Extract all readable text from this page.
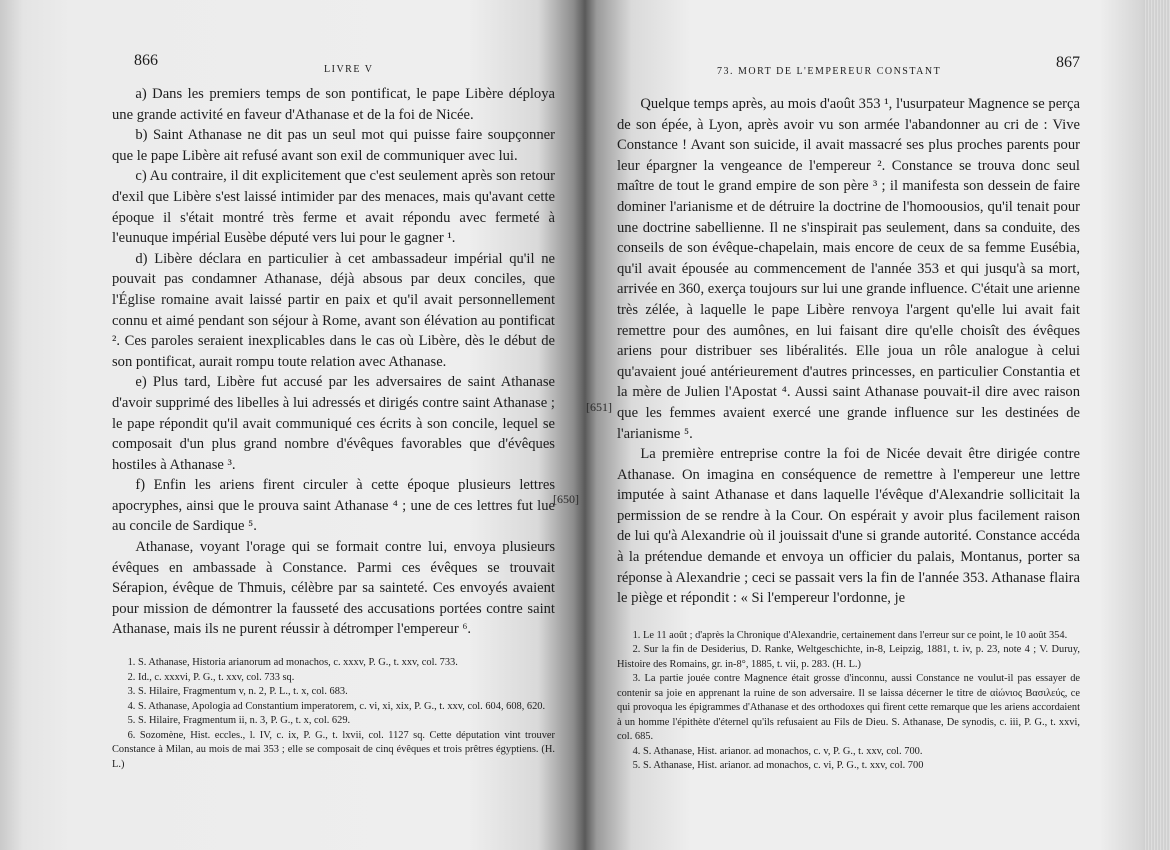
866
LIVRE V

a) Dans les premiers temps de son pontificat, le pape Libère déploya une grande activité en faveur d'Athanase et de la foi de Nicée.

b) Saint Athanase ne dit pas un seul mot qui puisse faire soupçonner que le pape Libère ait refusé avant son exil de communiquer avec lui.

c) Au contraire, il dit explicitement que c'est seulement après son retour d'exil que Libère s'est laissé intimider par des menaces, mais qu'avant cette époque il s'était montré très ferme et avait répondu avec fermeté à l'eunuque impérial Eusèbe député vers lui pour le gagner ¹.

d) Libère déclara en particulier à cet ambassadeur impérial qu'il ne pouvait pas condamner Athanase, déjà absous par deux conciles, que l'Église romaine avait laissé partir en paix et qu'il avait personnellement connu et aimé pendant son séjour à Rome, avant son élévation au pontificat ². Ces paroles seraient inexplicables dans le cas où Libère, dès le début de son pontificat, aurait rompu toute relation avec Athanase.

e) Plus tard, Libère fut accusé par les adversaires de saint Athanase d'avoir supprimé des libelles à lui adressés et dirigés contre saint Athanase ; le pape répondit qu'il avait communiqué ces écrits à son concile, lequel se composait d'un plus grand nombre d'évêques favorables que d'évêques hostiles à Athanase ³.

f) Enfin les ariens firent circuler à cette époque plusieurs lettres apocryphes, ainsi que le prouva saint Athanase ⁴ ; une de ces lettres fut lue au concile de Sardique ⁵.

Athanase, voyant l'orage qui se formait contre lui, envoya plusieurs évêques en ambassade à Constance. Parmi ces évêques se trouvait Sérapion, évêque de Thmuis, célèbre par sa sainteté. Ces envoyés avaient pour mission de démontrer la fausseté des accusations portées contre saint Athanase, mais ils ne purent réussir à détromper l'empereur ⁶.

[650]

1. S. Athanase, Historia arianorum ad monachos, c. xxxv, P. G., t. xxv, col. 733.

2. Id., c. xxxvi, P. G., t. xxv, col. 733 sq.

3. S. Hilaire, Fragmentum v, n. 2, P. L., t. x, col. 683.

4. S. Athanase, Apologia ad Constantium imperatorem, c. vi, xi, xix, P. G., t. xxv, col. 604, 608, 620.

5. S. Hilaire, Fragmentum ii, n. 3, P. G., t. x, col. 629.

6. Sozomène, Hist. eccles., l. IV, c. ix, P. G., t. lxvii, col. 1127 sq. Cette députation vint trouver Constance à Milan, au mois de mai 353 ; elle se composait de cinq évêques et trois prêtres égyptiens. (H. L.)

73. MORT DE L'EMPEREUR CONSTANT
867

Quelque temps après, au mois d'août 353 ¹, l'usurpateur Magnence se perça de son épée, à Lyon, après avoir vu son armée l'abandonner au cri de : Vive Constance ! Avant son suicide, il avait massacré ses plus proches parents pour leur épargner la vengeance de l'empereur ². Constance se trouva donc seul maître de tout le grand empire de son père ³ ; il manifesta son dessein de faire dominer l'arianisme et de détruire la doctrine de l'homoousios, qu'il tenait pour une doctrine sabellienne. Il ne s'inspirait pas seulement, dans sa conduite, des conseils de son évêque-chapelain, mais encore de ceux de sa femme Eusébia, qu'il avait épousée au commencement de l'année 353 et qui jusqu'à sa mort, arrivée en 360, exerça toujours sur lui une grande influence. C'était une arienne très zélée, à laquelle le pape Libère renvoya l'argent qu'elle lui avait fait remettre pour des aumônes, en lui faisant dire qu'elle choisît des évêques ariens pour distribuer ses libéralités. Elle joua un rôle analogue à celui qu'avaient joué antérieurement d'autres princesses, en particulier Constantia et la mère de Julien l'Apostat ⁴. Aussi saint Athanase pouvait-il dire avec raison que les femmes avaient exercé une grande influence sur les destinées de l'arianisme ⁵.

La première entreprise contre la foi de Nicée devait être dirigée contre Athanase. On imagina en conséquence de remettre à l'empereur une lettre imputée à saint Athanase et dans laquelle l'évêque d'Alexandrie sollicitait la permission de se rendre à la Cour. On espérait y avoir plus facilement raison de lui qu'à Alexandrie où il jouissait d'une si grande autorité. Constance accéda à la prétendue demande et envoya un officier du palais, Montanus, porter sa réponse à Alexandrie ; ceci se passait vers la fin de l'année 353. Athanase flaira le piège et répondit : « Si l'empereur l'ordonne, je

1. Le 11 août ; d'après la Chronique d'Alexandrie, certainement dans l'erreur sur ce point, le 10 août 354.

2. Sur la fin de Desiderius, D. Ranke, Weltgeschichte, in-8, Leipzig, 1881, t. iv, p. 23, note 4 ; V. Duruy, Histoire des Romains, gr. in-8°, 1885, t. vii, p. 283. (H. L.)

3. La partie jouée contre Magnence était grosse d'inconnu, aussi Constance ne voulut-il pas essayer de contenir sa joie en apprenant la ruine de son adversaire. Il se laissa décerner le titre de αἰώνιος Βασιλεύς, ce qui provoqua les épigrammes d'Athanase et des orthodoxes qui firent cette remarque que les ariens accordaient à un homme l'épithète d'éternel qu'ils refusaient au Fils de Dieu. S. Athanase, De synodis, c. iii, P. G., t. xxvi, col. 685.

4. S. Athanase, Hist. arianor. ad monachos, c. v, P. G., t. xxv, col. 700.

5. S. Athanase, Hist. arianor. ad monachos, c. vi, P. G., t. xxv, col. 700

[651]
